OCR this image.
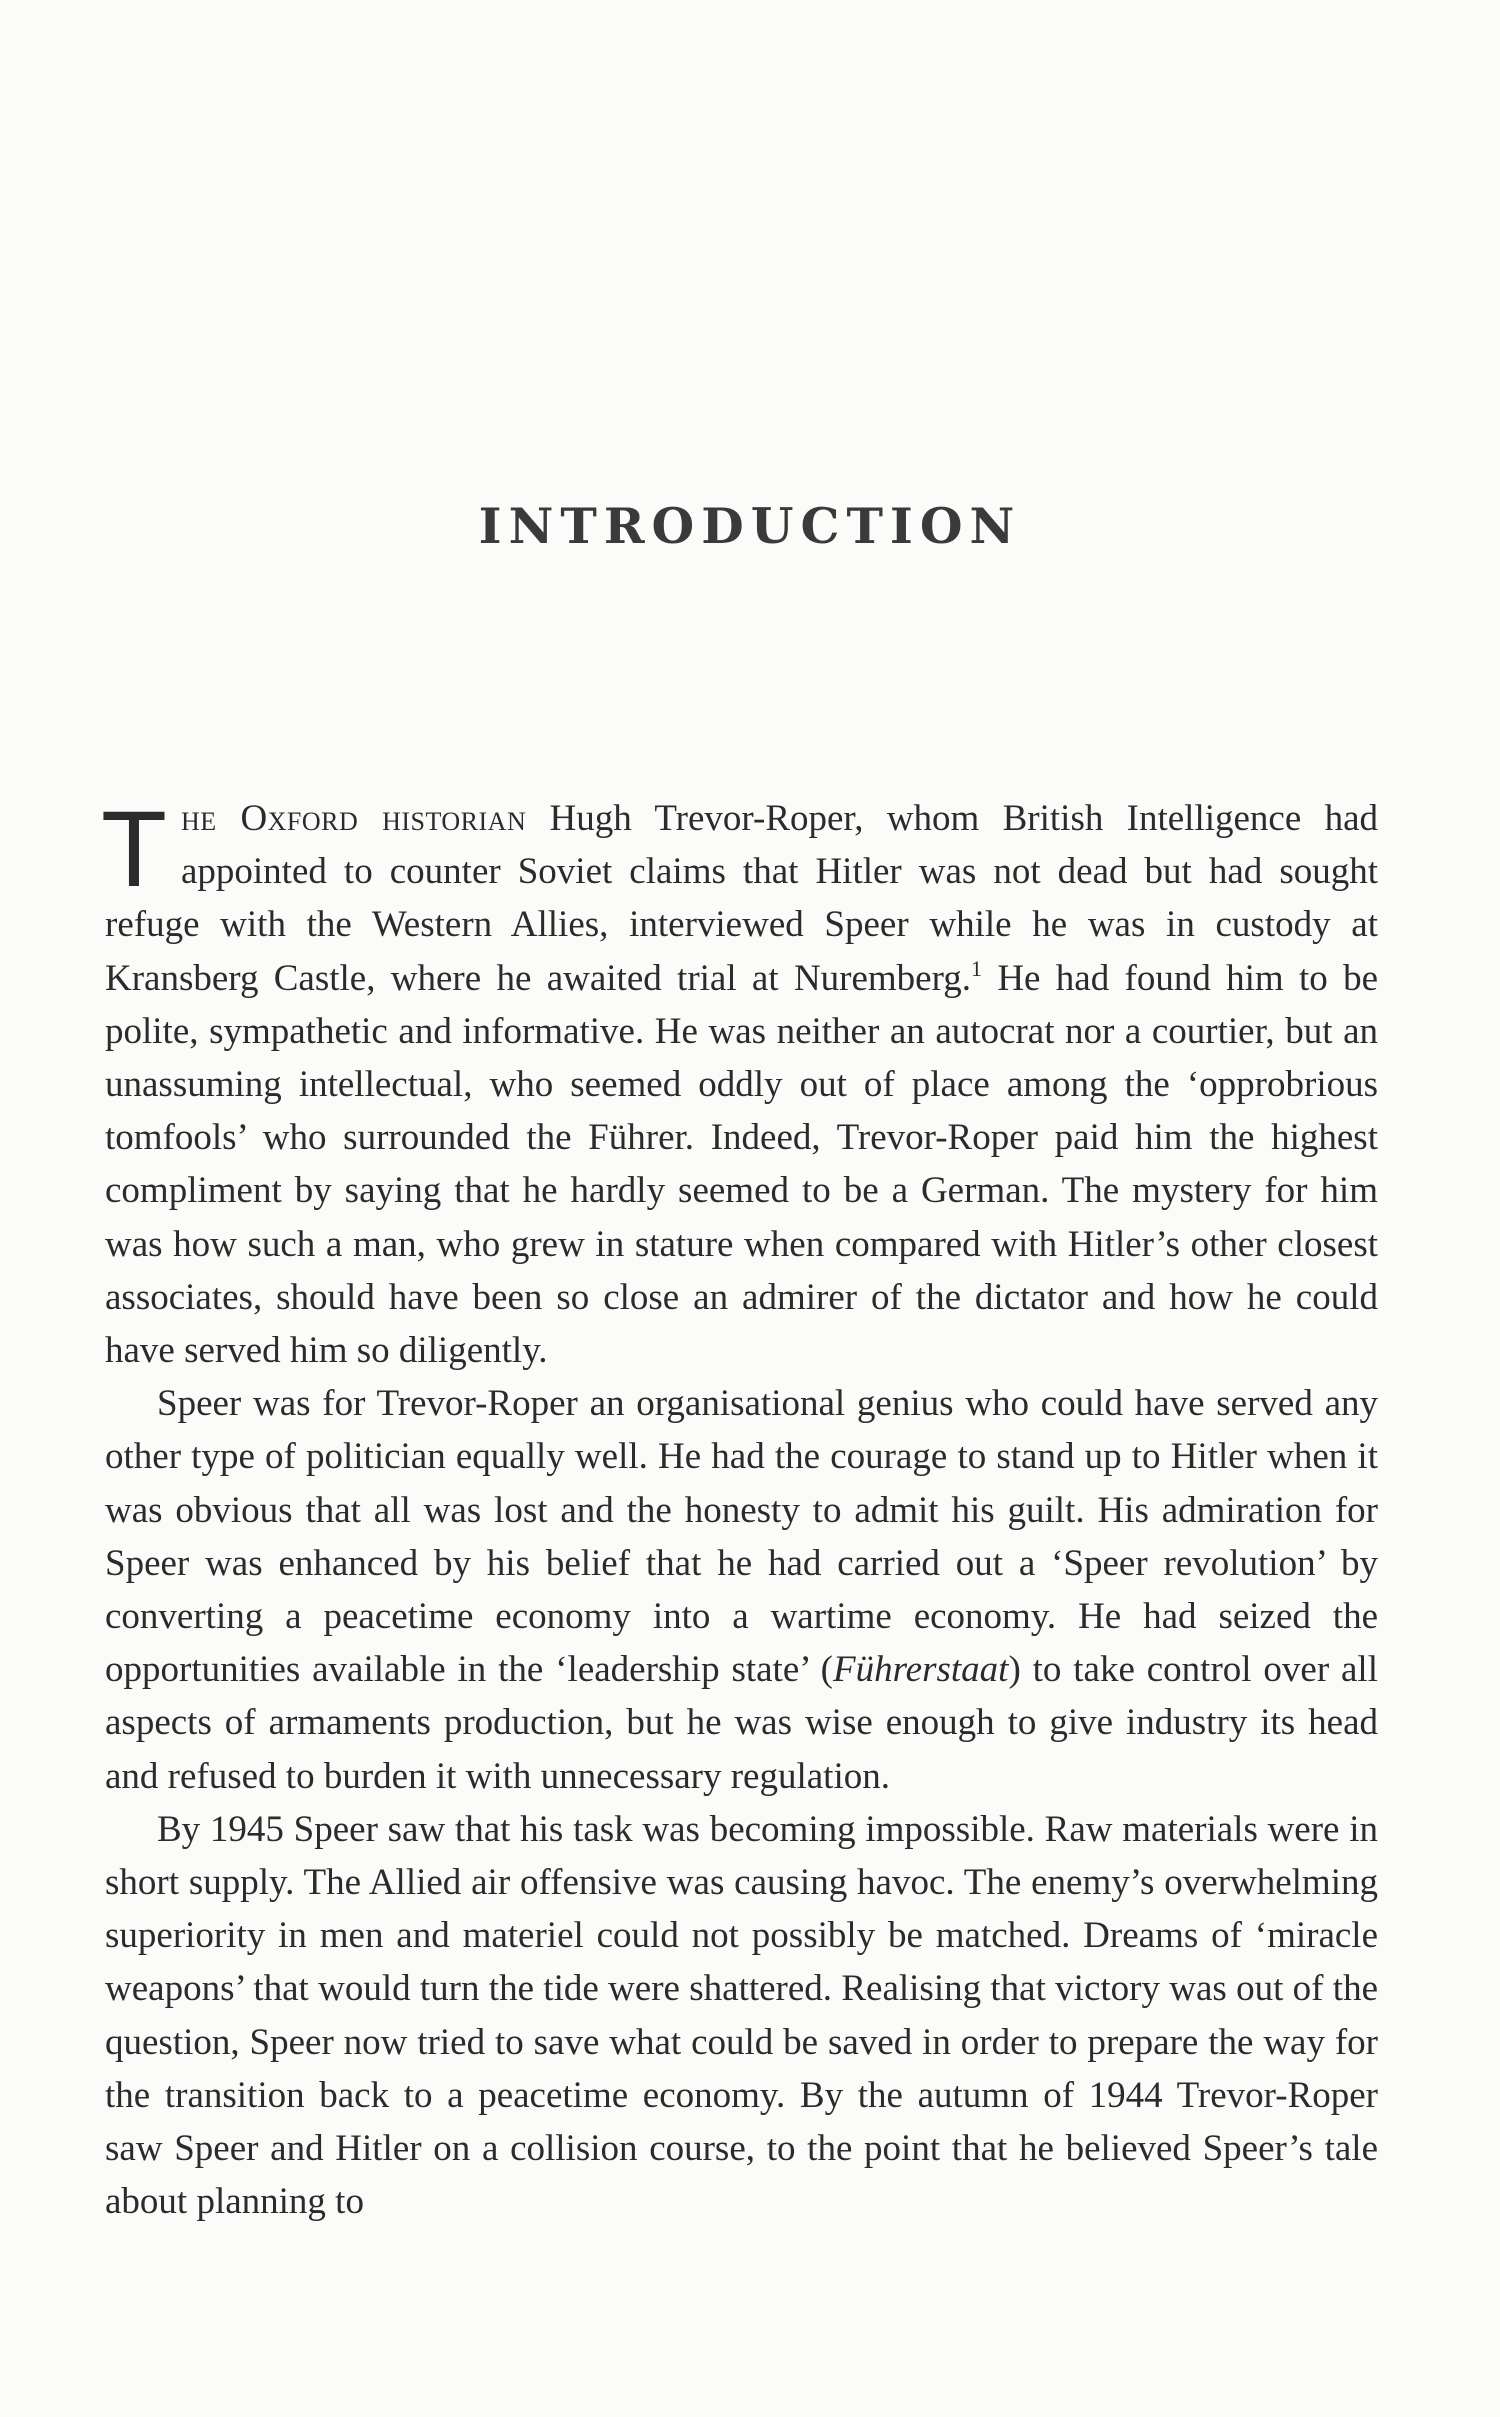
INTRODUCTION

The Oxford historian Hugh Trevor-Roper, whom British Intelligence had appointed to counter Soviet claims that Hitler was not dead but had sought refuge with the Western Allies, interviewed Speer while he was in custody at Kransberg Castle, where he awaited trial at Nuremberg.$^1$ He had found him to be polite, sympathetic and informative. He was neither an autocrat nor a courtier, but an unassuming intellectual, who seemed oddly out of place among the ‘opprobrious tomfools’ who surrounded the Führer. Indeed, Trevor-Roper paid him the highest compliment by saying that he hardly seemed to be a German. The mystery for him was how such a man, who grew in stature when compared with Hitler’s other closest associates, should have been so close an admirer of the dictator and how he could have served him so diligently.

Speer was for Trevor-Roper an organisational genius who could have served any other type of politician equally well. He had the courage to stand up to Hitler when it was obvious that all was lost and the honesty to admit his guilt. His admiration for Speer was enhanced by his belief that he had carried out a ‘Speer revolution’ by converting a peacetime economy into a wartime economy. He had seized the opportunities available in the ‘leadership state’ (Führerstaat) to take control over all aspects of armaments production, but he was wise enough to give industry its head and refused to burden it with unnecessary regulation.

By 1945 Speer saw that his task was becoming impossible. Raw materials were in short supply. The Allied air offensive was causing havoc. The enemy’s overwhelming superiority in men and materiel could not possibly be matched. Dreams of ‘miracle weapons’ that would turn the tide were shattered. Realising that victory was out of the question, Speer now tried to save what could be saved in order to prepare the way for the transition back to a peacetime economy. By the autumn of 1944 Trevor-Roper saw Speer and Hitler on a collision course, to the point that he believed Speer’s tale about planning to
